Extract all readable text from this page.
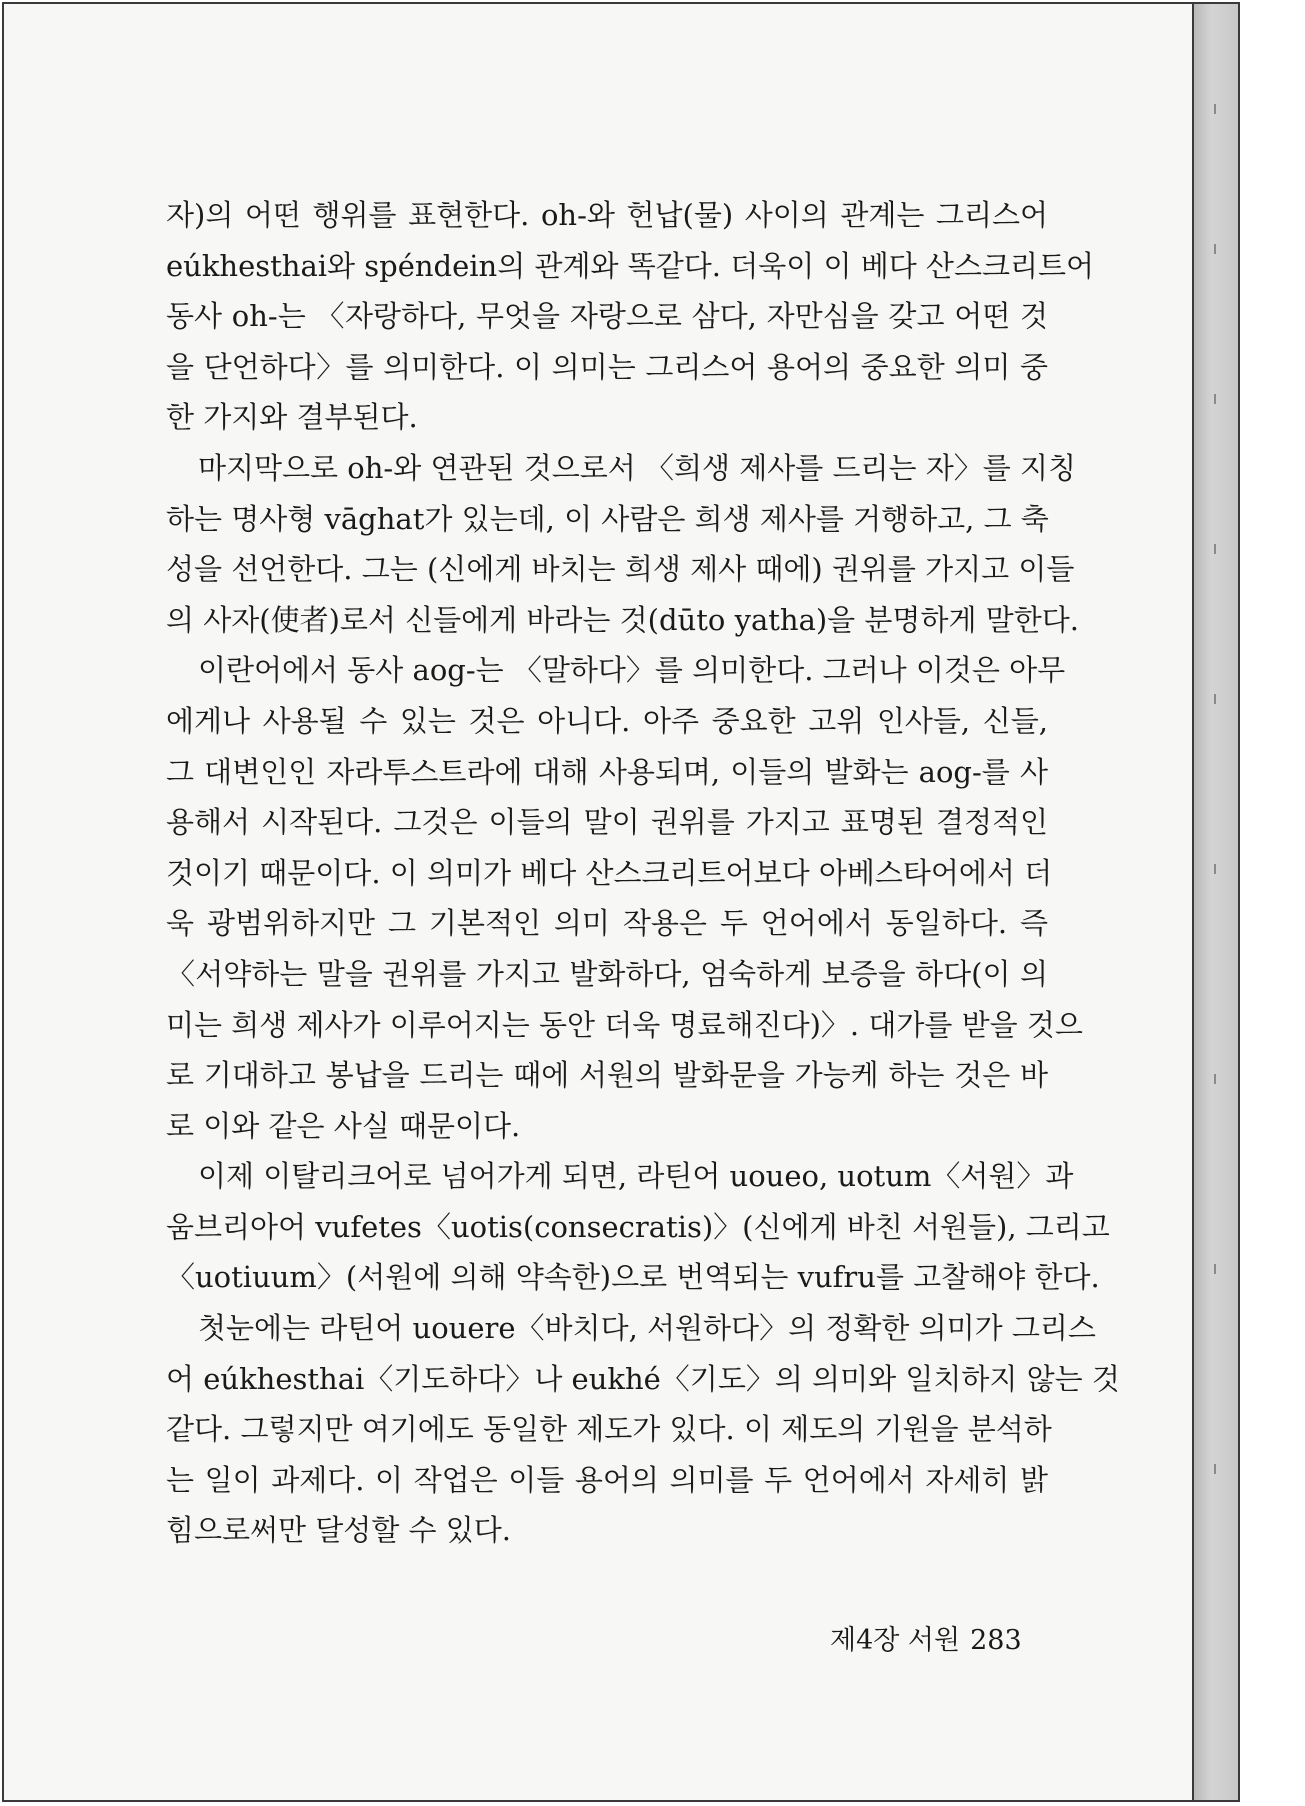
자)의 어떤 행위를 표현한다. oh-와 헌납(물) 사이의 관계는 그리스어
eúkhesthai와 spéndein의 관계와 똑같다. 더욱이 이 베다 산스크리트어
동사 oh-는 〈자랑하다, 무엇을 자랑으로 삼다, 자만심을 갖고 어떤 것
을 단언하다〉를 의미한다. 이 의미는 그리스어 용어의 중요한 의미 중
한 가지와 결부된다.
마지막으로 oh-와 연관된 것으로서 〈희생 제사를 드리는 자〉를 지칭
하는 명사형 vāghat가 있는데, 이 사람은 희생 제사를 거행하고, 그 축
성을 선언한다. 그는 (신에게 바치는 희생 제사 때에) 권위를 가지고 이들
의 사자(使者)로서 신들에게 바라는 것(dūto yatha)을 분명하게 말한다.
이란어에서 동사 aog-는 〈말하다〉를 의미한다. 그러나 이것은 아무
에게나 사용될 수 있는 것은 아니다. 아주 중요한 고위 인사들, 신들,
그 대변인인 자라투스트라에 대해 사용되며, 이들의 발화는 aog-를 사
용해서 시작된다. 그것은 이들의 말이 권위를 가지고 표명된 결정적인
것이기 때문이다. 이 의미가 베다 산스크리트어보다 아베스타어에서 더
욱 광범위하지만 그 기본적인 의미 작용은 두 언어에서 동일하다. 즉
〈서약하는 말을 권위를 가지고 발화하다, 엄숙하게 보증을 하다(이 의
미는 희생 제사가 이루어지는 동안 더욱 명료해진다)〉. 대가를 받을 것으
로 기대하고 봉납을 드리는 때에 서원의 발화문을 가능케 하는 것은 바
로 이와 같은 사실 때문이다.
이제 이탈리크어로 넘어가게 되면, 라틴어 uoueo, uotum〈서원〉과
움브리아어 vufetes〈uotis(consecratis)〉(신에게 바친 서원들), 그리고
〈uotiuum〉(서원에 의해 약속한)으로 번역되는 vufru를 고찰해야 한다.
첫눈에는 라틴어 uouere〈바치다, 서원하다〉의 정확한 의미가 그리스
어 eúkhesthai〈기도하다〉나 eukhé〈기도〉의 의미와 일치하지 않는 것
같다. 그렇지만 여기에도 동일한 제도가 있다. 이 제도의 기원을 분석하
는 일이 과제다. 이 작업은 이들 용어의 의미를 두 언어에서 자세히 밝
힘으로써만 달성할 수 있다.
제4장 서원 283
